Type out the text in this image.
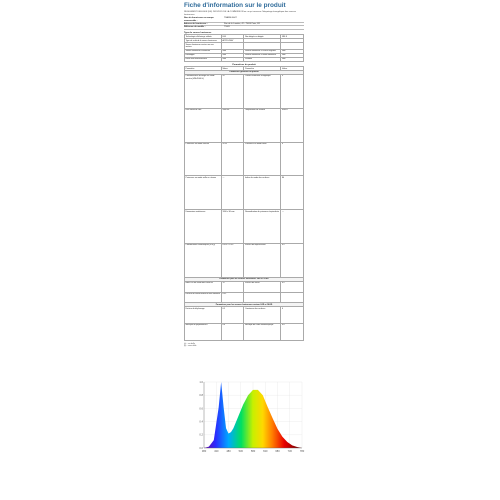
Fiche d'information sur le produit
REGLEMENT DELEGUE (UE) 2019/2015 DE LA COMMISSION en ce qui concerne l'étiquetage énergétique des sources lumineuses
Nom du fournisseur ou marque commerciale :
TRANSLIGHT
Adresse du fournisseur :	Rue de la Lumière, 42 - 75000 Paris, FR
Référence du modèle :	T5003
Type de source lumineuse
Technologie d'éclairage utilisée	LED	Non dirigée ou dirigée	NDLS
Type de culot de la source lumineuse	AC220-240V		
Source lumineuse secteur ou non secteur			
Source lumineuse connectée	Non	Source lumineuse à couleur réglable	Non
Enveloppe	Non	Source lumineuse à haute luminance	Non
Écran anti-éblouissement	Non	Variable	Non
Paramètres du produit
Paramètre	Valeur	Paramètre	Valeur
Paramètres généraux du produit			
Consommation d'énergie en mode marche (kWh/1000 h)	20	Classe d'efficacité énergétique	F
Flux lumineux utile	2000 lm	Température de couleur	6500 K
Puissance en mode marche	20 W	Puissance en mode veille	0
Puissance en mode veille en réseau	—	Indice de rendu des couleurs	80
Dimensions extérieures	1200 x 30 mm	Revendication de puissance équivalente	—
Coordonnées chromatiques (x et y)	0.313 / 0.337	Facteur de déplacement	0.9
Paramètres pour les sources lumineuses LED et OLED			
Indice R9 de rendu des couleurs	15	Facteur de survie	0.9
Facteur de conservation du flux lumineux	0.95		
Paramètres pour les sources lumineuses secteur LED et OLED			
Facteur de déphasage	0.5	Constance des couleurs	6
Métrique du papillotement	0.4	Métrique de l'effet stroboscopique	0.4
(a) : sur dalle
(b) : sans dalle
380	430	480	530	580	630	680	730	780
0.0
0.2
0.4
0.6
0.8
1.0
